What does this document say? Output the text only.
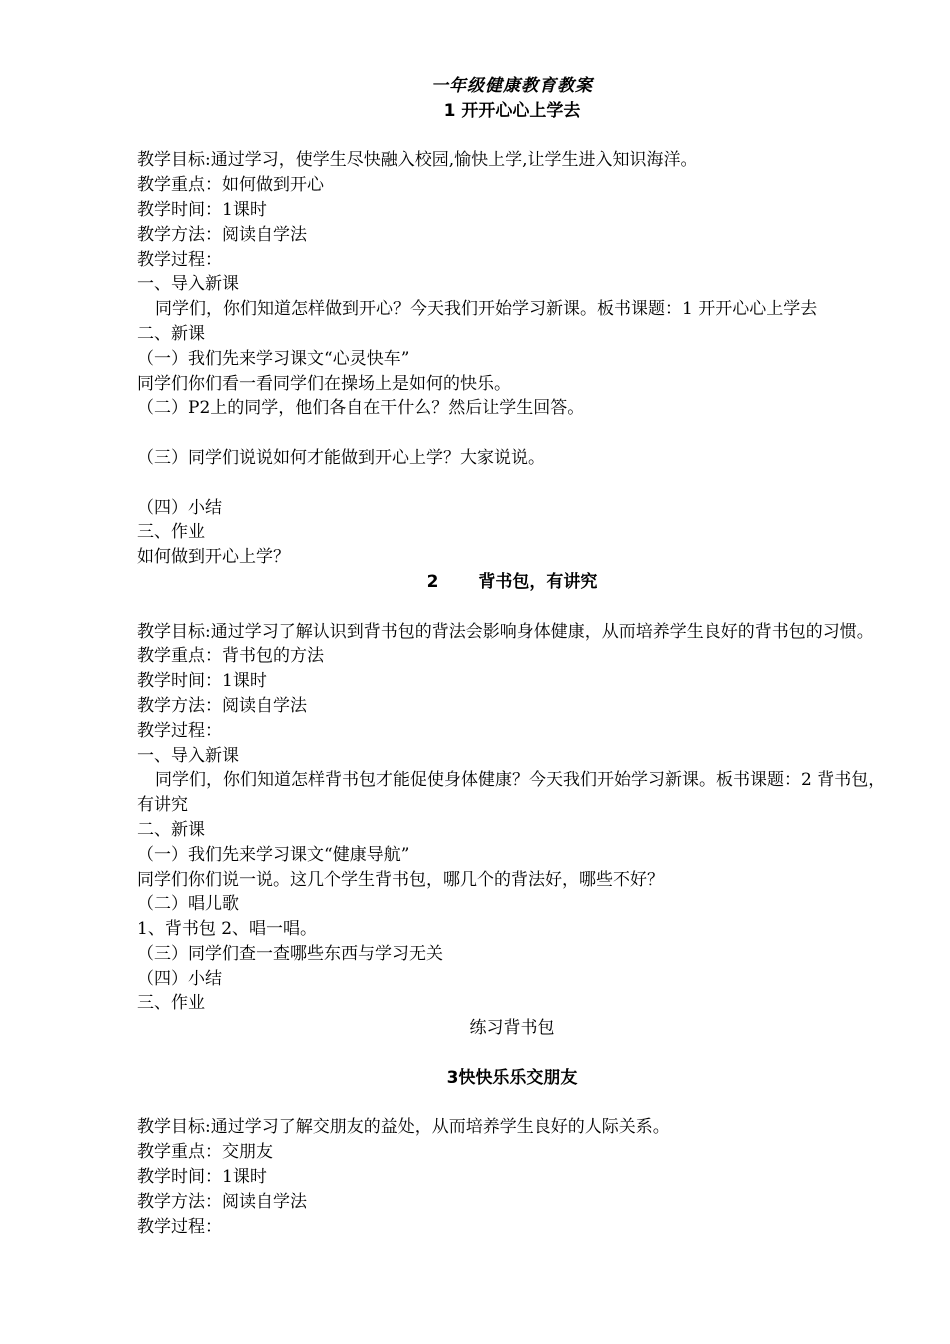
一年级健康教育教案
1 开开心心上学去
教学目标:通过学习，使学生尽快融入校园,愉快上学,让学生进入知识海洋。
教学重点：如何做到开心
教学时间：1课时
教学方法：阅读自学法
教学过程：
一、导入新课
同学们，你们知道怎样做到开心？今天我们开始学习新课。板书课题：1 开开心心上学去
二、新课
（一）我们先来学习课文“心灵快车”
同学们你们看一看同学们在操场上是如何的快乐。
（二）P2上的同学，他们各自在干什么？然后让学生回答。
（三）同学们说说如何才能做到开心上学？大家说说。
（四）小结
三、作业
如何做到开心上学？
2 背书包，有讲究
教学目标:通过学习了解认识到背书包的背法会影响身体健康，从而培养学生良好的背书包的习惯。
教学重点：背书包的方法
教学时间：1课时
教学方法：阅读自学法
教学过程：
一、导入新课
同学们，你们知道怎样背书包才能促使身体健康？今天我们开始学习新课。板书课题：2 背书包，有讲究
二、新课
（一）我们先来学习课文“健康导航”
同学们你们说一说。这几个学生背书包，哪几个的背法好，哪些不好？
（二）唱儿歌
1、背书包 2、唱一唱。
（三）同学们查一查哪些东西与学习无关
（四）小结
三、作业
练习背书包
3快快乐乐交朋友
教学目标:通过学习了解交朋友的益处，从而培养学生良好的人际关系。
教学重点：交朋友
教学时间：1课时
教学方法：阅读自学法
教学过程：
